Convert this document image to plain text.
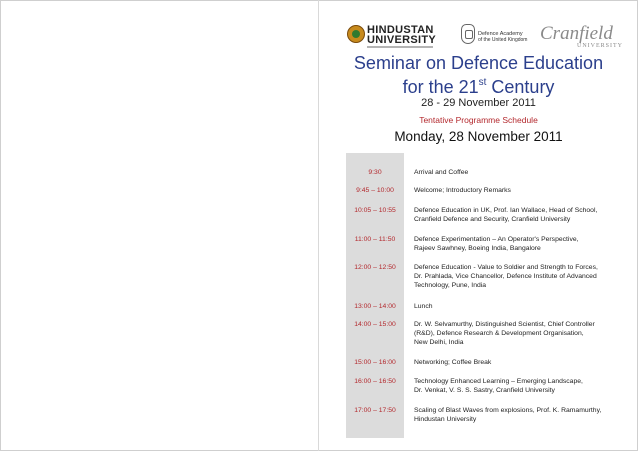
HINDUSTAN
UNIVERSITY	Defence Academy
of the United Kingdom Cranfield
UNIVERSITY
Seminar on Defence Education
for the 21st Century
28 - 29 November 2011
Tentative Programme Schedule
Monday, 28 November 2011
9:30	Arrival and Coffee
9:45 – 10:00	Welcome; Introductory Remarks
10:05 – 10:55	Defence Education in UK, Prof. Ian Wallace, Head of School,
Cranfield Defence and Security, Cranfield University
11:00 – 11:50	Defence Experimentation – An Operator's Perspective,
Rajeev Sawhney, Boeing India, Bangalore
12:00 – 12:50	Defence Education - Value to Soldier and Strength to Forces,
Dr. Prahlada, Vice Chancellor, Defence Institute of Advanced
Technology, Pune, India
13:00 – 14:00	Lunch
14:00 – 15:00	Dr. W. Selvamurthy, Distinguished Scientist, Chief Controller
(R&D), Defence Research & Development Organisation,
New Delhi, India
15:00 – 16:00	Networking; Coffee Break
16:00 – 16:50	Technology Enhanced Learning – Emerging Landscape,
Dr. Venkat, V. S. S. Sastry, Cranfield University
17:00 – 17:50	Scaling of Blast Waves from explosions, Prof. K. Ramamurthy,
Hindustan University
